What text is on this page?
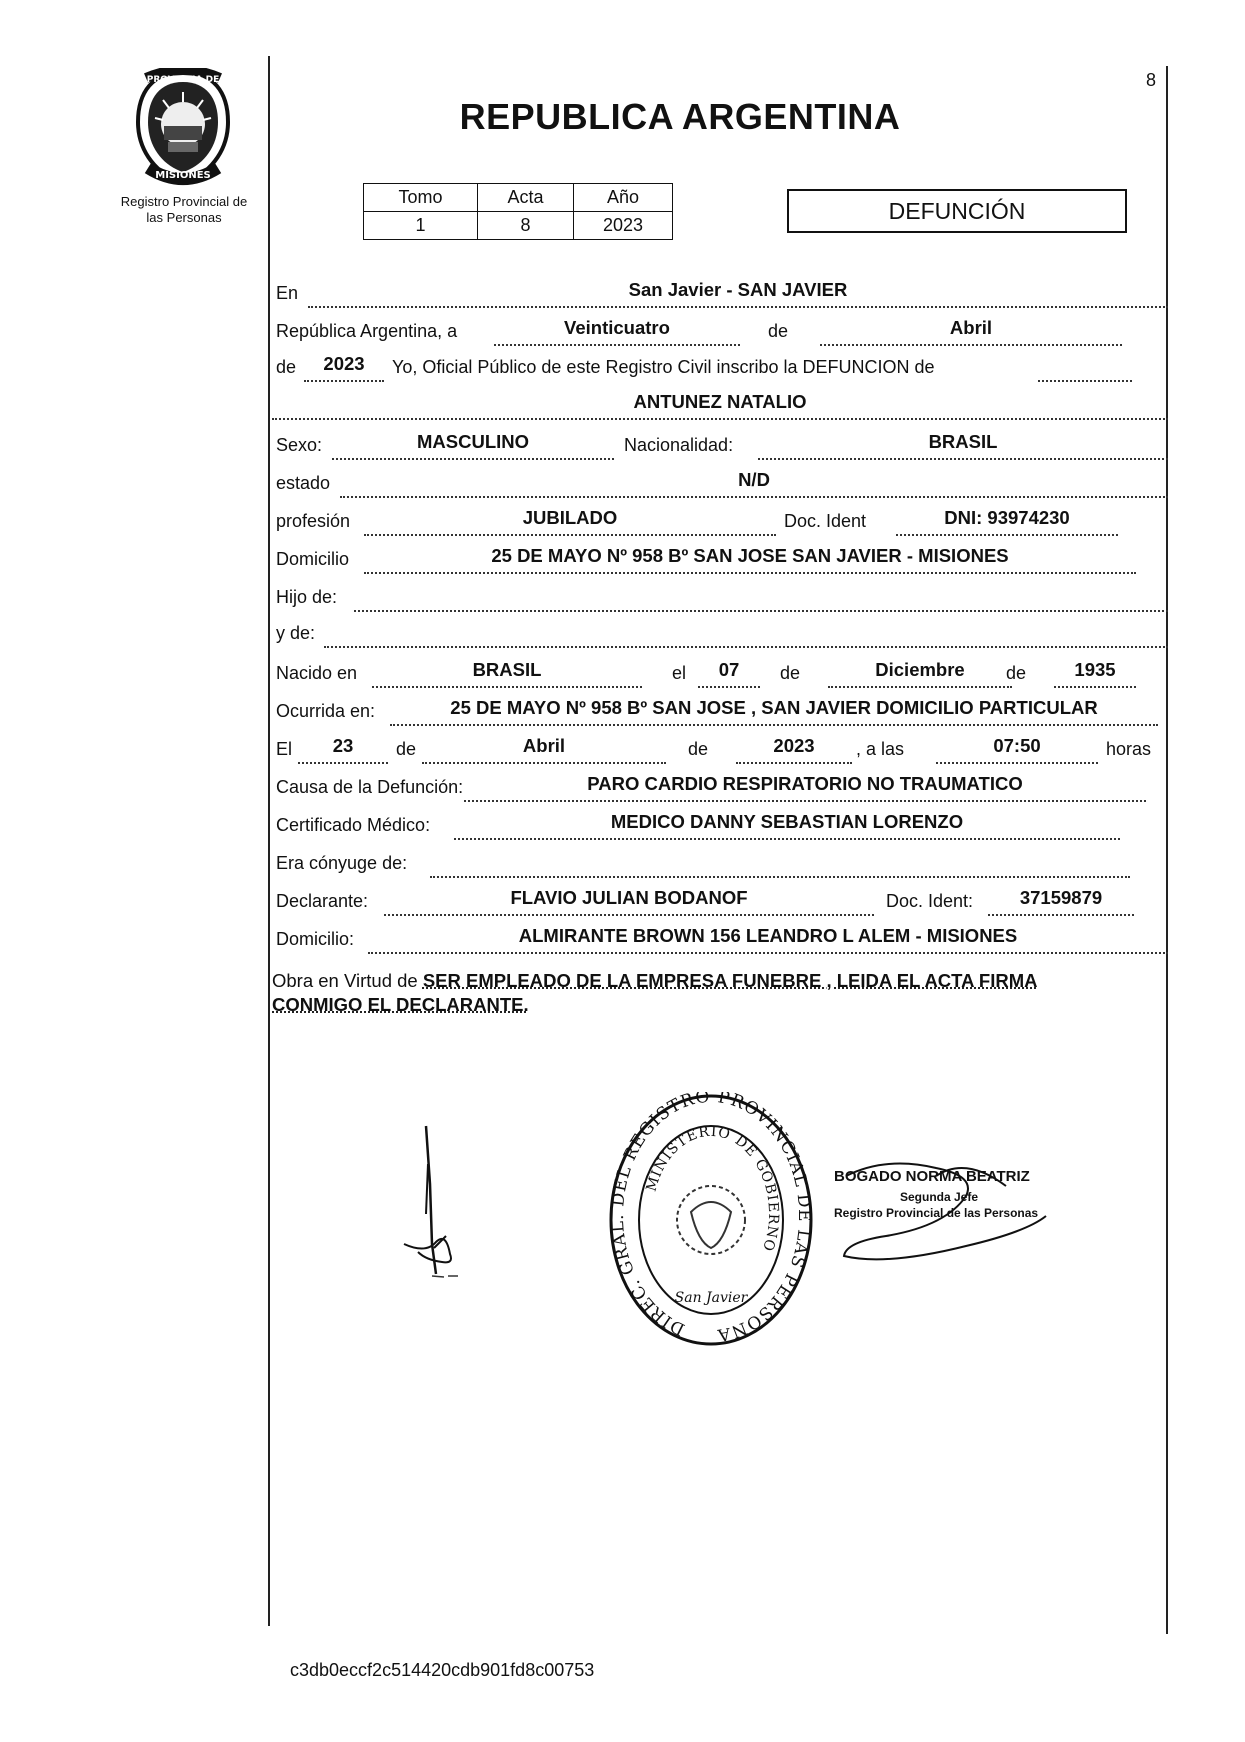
PROVINCIA DE
MISIONES
Registro Provincial de
las Personas
REPUBLICA ARGENTINA
8
Tomo	Acta	Año
1	8	2023
DEFUNCIÓN
En	San Javier - SAN JAVIER
República Argentina, a	Veinticuatro	de	Abril
de	2023	Yo, Oficial Público de este Registro Civil inscribo la DEFUNCION de
ANTUNEZ NATALIO
Sexo:	MASCULINO	Nacionalidad:	BRASIL
estado	N/D
profesión	JUBILADO	Doc. Ident	DNI: 93974230
Domicilio	25 DE MAYO Nº 958 Bº SAN JOSE SAN JAVIER - MISIONES
Hijo de:
y de:
Nacido en	BRASIL	el	07	de	Diciembre	de	1935
Ocurrida en:	25 DE MAYO Nº 958 Bº SAN JOSE , SAN JAVIER DOMICILIO PARTICULAR
El	23	de	Abril	de	2023	, a las	07:50	horas
Causa de la Defunción:	PARO CARDIO RESPIRATORIO NO TRAUMATICO
Certificado Médico:	MEDICO DANNY SEBASTIAN LORENZO
Era cónyuge de:
Declarante:	FLAVIO JULIAN BODANOF	Doc. Ident:	37159879
Domicilio:	ALMIRANTE BROWN 156 LEANDRO L ALEM - MISIONES
Obra en Virtud de SER EMPLEADO DE LA EMPRESA FUNEBRE , LEIDA EL ACTA FIRMA
CONMIGO EL DECLARANTE.
DIREC. GRAL. DEL REGISTRO PROVINCIAL DE LAS PERSONA
MINISTERIO DE GOBIERNO
San Javier
BOGADO NORMA BEATRIZ
Segunda Jefe
Registro Provincial de las Personas
c3db0eccf2c514420cdb901fd8c00753
